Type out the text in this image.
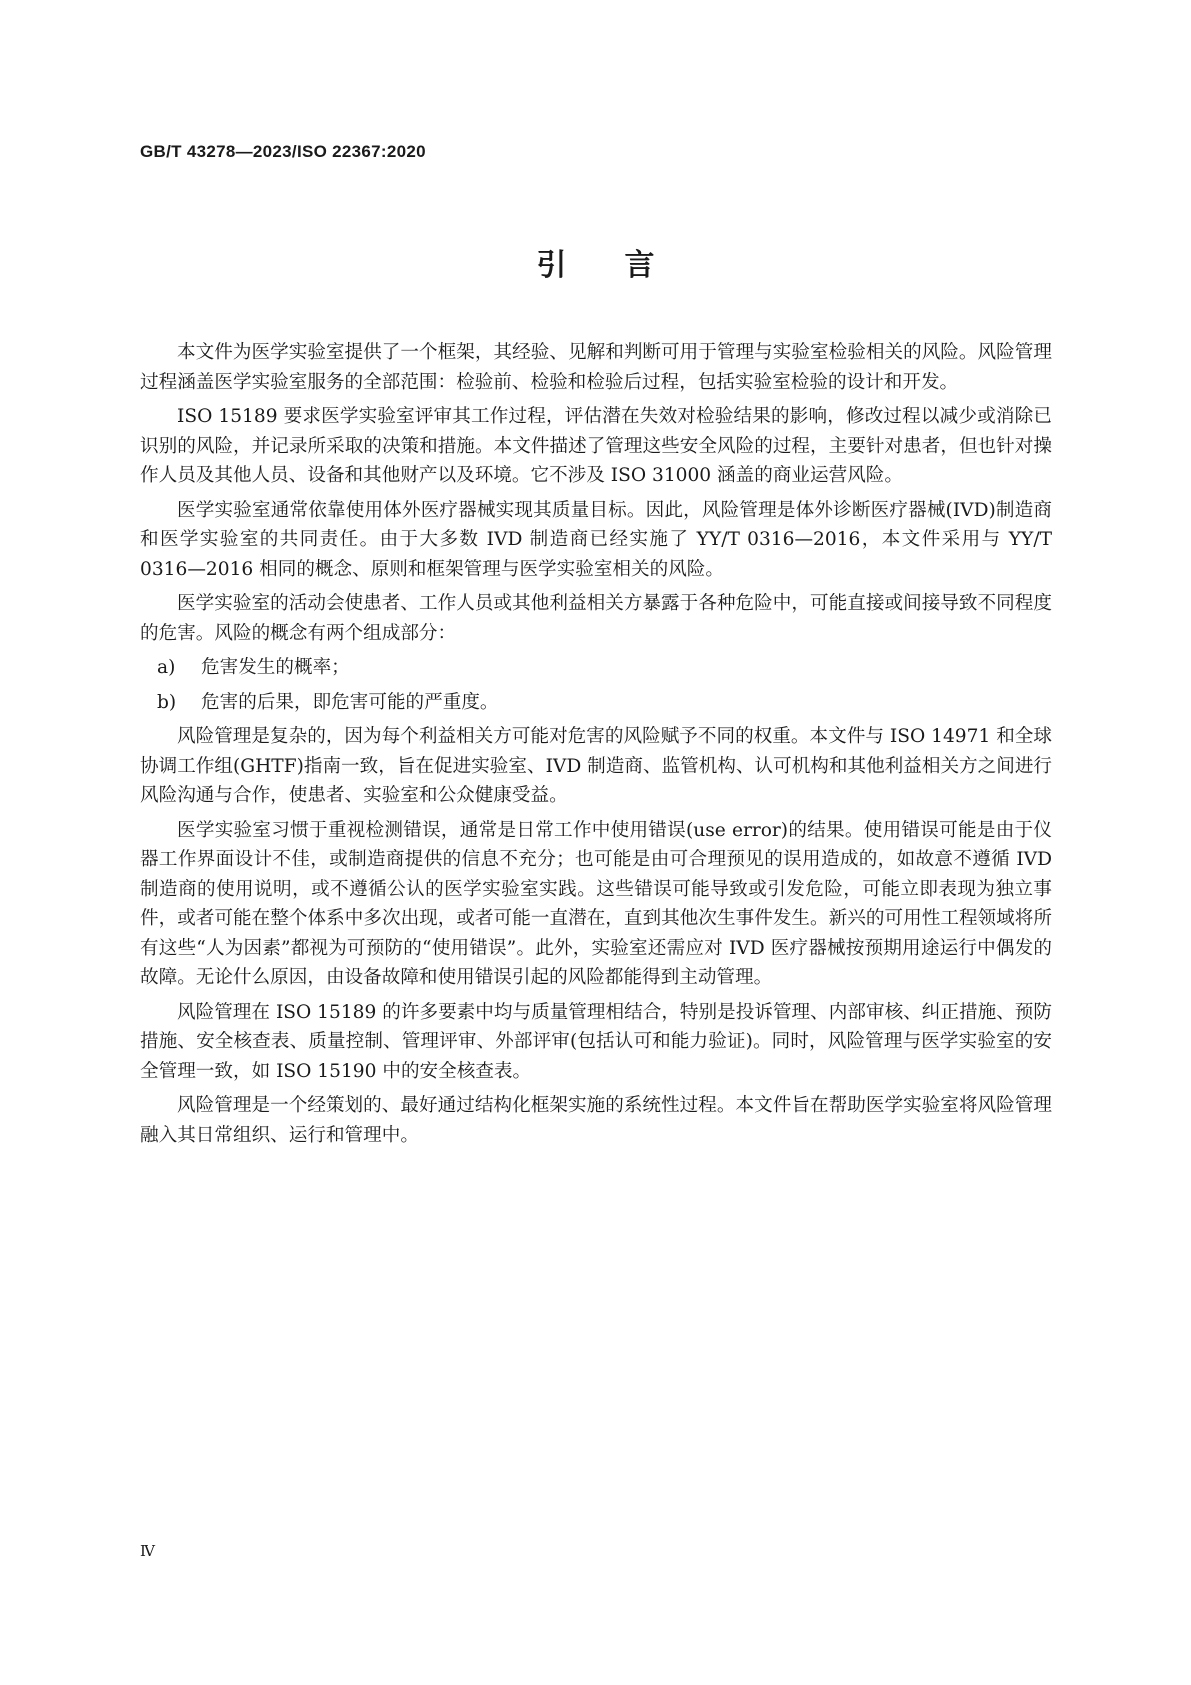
GB/T 43278—2023/ISO 22367:2020
引言

本文件为医学实验室提供了一个框架，其经验、见解和判断可用于管理与实验室检验相关的风险。风险管理过程涵盖医学实验室服务的全部范围：检验前、检验和检验后过程，包括实验室检验的设计和开发。

ISO 15189 要求医学实验室评审其工作过程，评估潜在失效对检验结果的影响，修改过程以减少或消除已识别的风险，并记录所采取的决策和措施。本文件描述了管理这些安全风险的过程，主要针对患者，但也针对操作人员及其他人员、设备和其他财产以及环境。它不涉及 ISO 31000 涵盖的商业运营风险。

医学实验室通常依靠使用体外医疗器械实现其质量目标。因此，风险管理是体外诊断医疗器械(IVD)制造商和医学实验室的共同责任。由于大多数 IVD 制造商已经实施了 YY/T 0316—2016，本文件采用与 YY/T 0316—2016 相同的概念、原则和框架管理与医学实验室相关的风险。

医学实验室的活动会使患者、工作人员或其他利益相关方暴露于各种危险中，可能直接或间接导致不同程度的危害。风险的概念有两个组成部分：

a) 危害发生的概率；
b) 危害的后果，即危害可能的严重度。

风险管理是复杂的，因为每个利益相关方可能对危害的风险赋予不同的权重。本文件与 ISO 14971 和全球协调工作组(GHTF)指南一致，旨在促进实验室、IVD 制造商、监管机构、认可机构和其他利益相关方之间进行风险沟通与合作，使患者、实验室和公众健康受益。

医学实验室习惯于重视检测错误，通常是日常工作中使用错误(use error)的结果。使用错误可能是由于仪器工作界面设计不佳，或制造商提供的信息不充分；也可能是由可合理预见的误用造成的，如故意不遵循 IVD 制造商的使用说明，或不遵循公认的医学实验室实践。这些错误可能导致或引发危险，可能立即表现为独立事件，或者可能在整个体系中多次出现，或者可能一直潜在，直到其他次生事件发生。新兴的可用性工程领域将所有这些“人为因素”都视为可预防的“使用错误”。此外，实验室还需应对 IVD 医疗器械按预期用途运行中偶发的故障。无论什么原因，由设备故障和使用错误引起的风险都能得到主动管理。

风险管理在 ISO 15189 的许多要素中均与质量管理相结合，特别是投诉管理、内部审核、纠正措施、预防措施、安全核查表、质量控制、管理评审、外部评审(包括认可和能力验证)。同时，风险管理与医学实验室的安全管理一致，如 ISO 15190 中的安全核查表。

风险管理是一个经策划的、最好通过结构化框架实施的系统性过程。本文件旨在帮助医学实验室将风险管理融入其日常组织、运行和管理中。

Ⅳ
